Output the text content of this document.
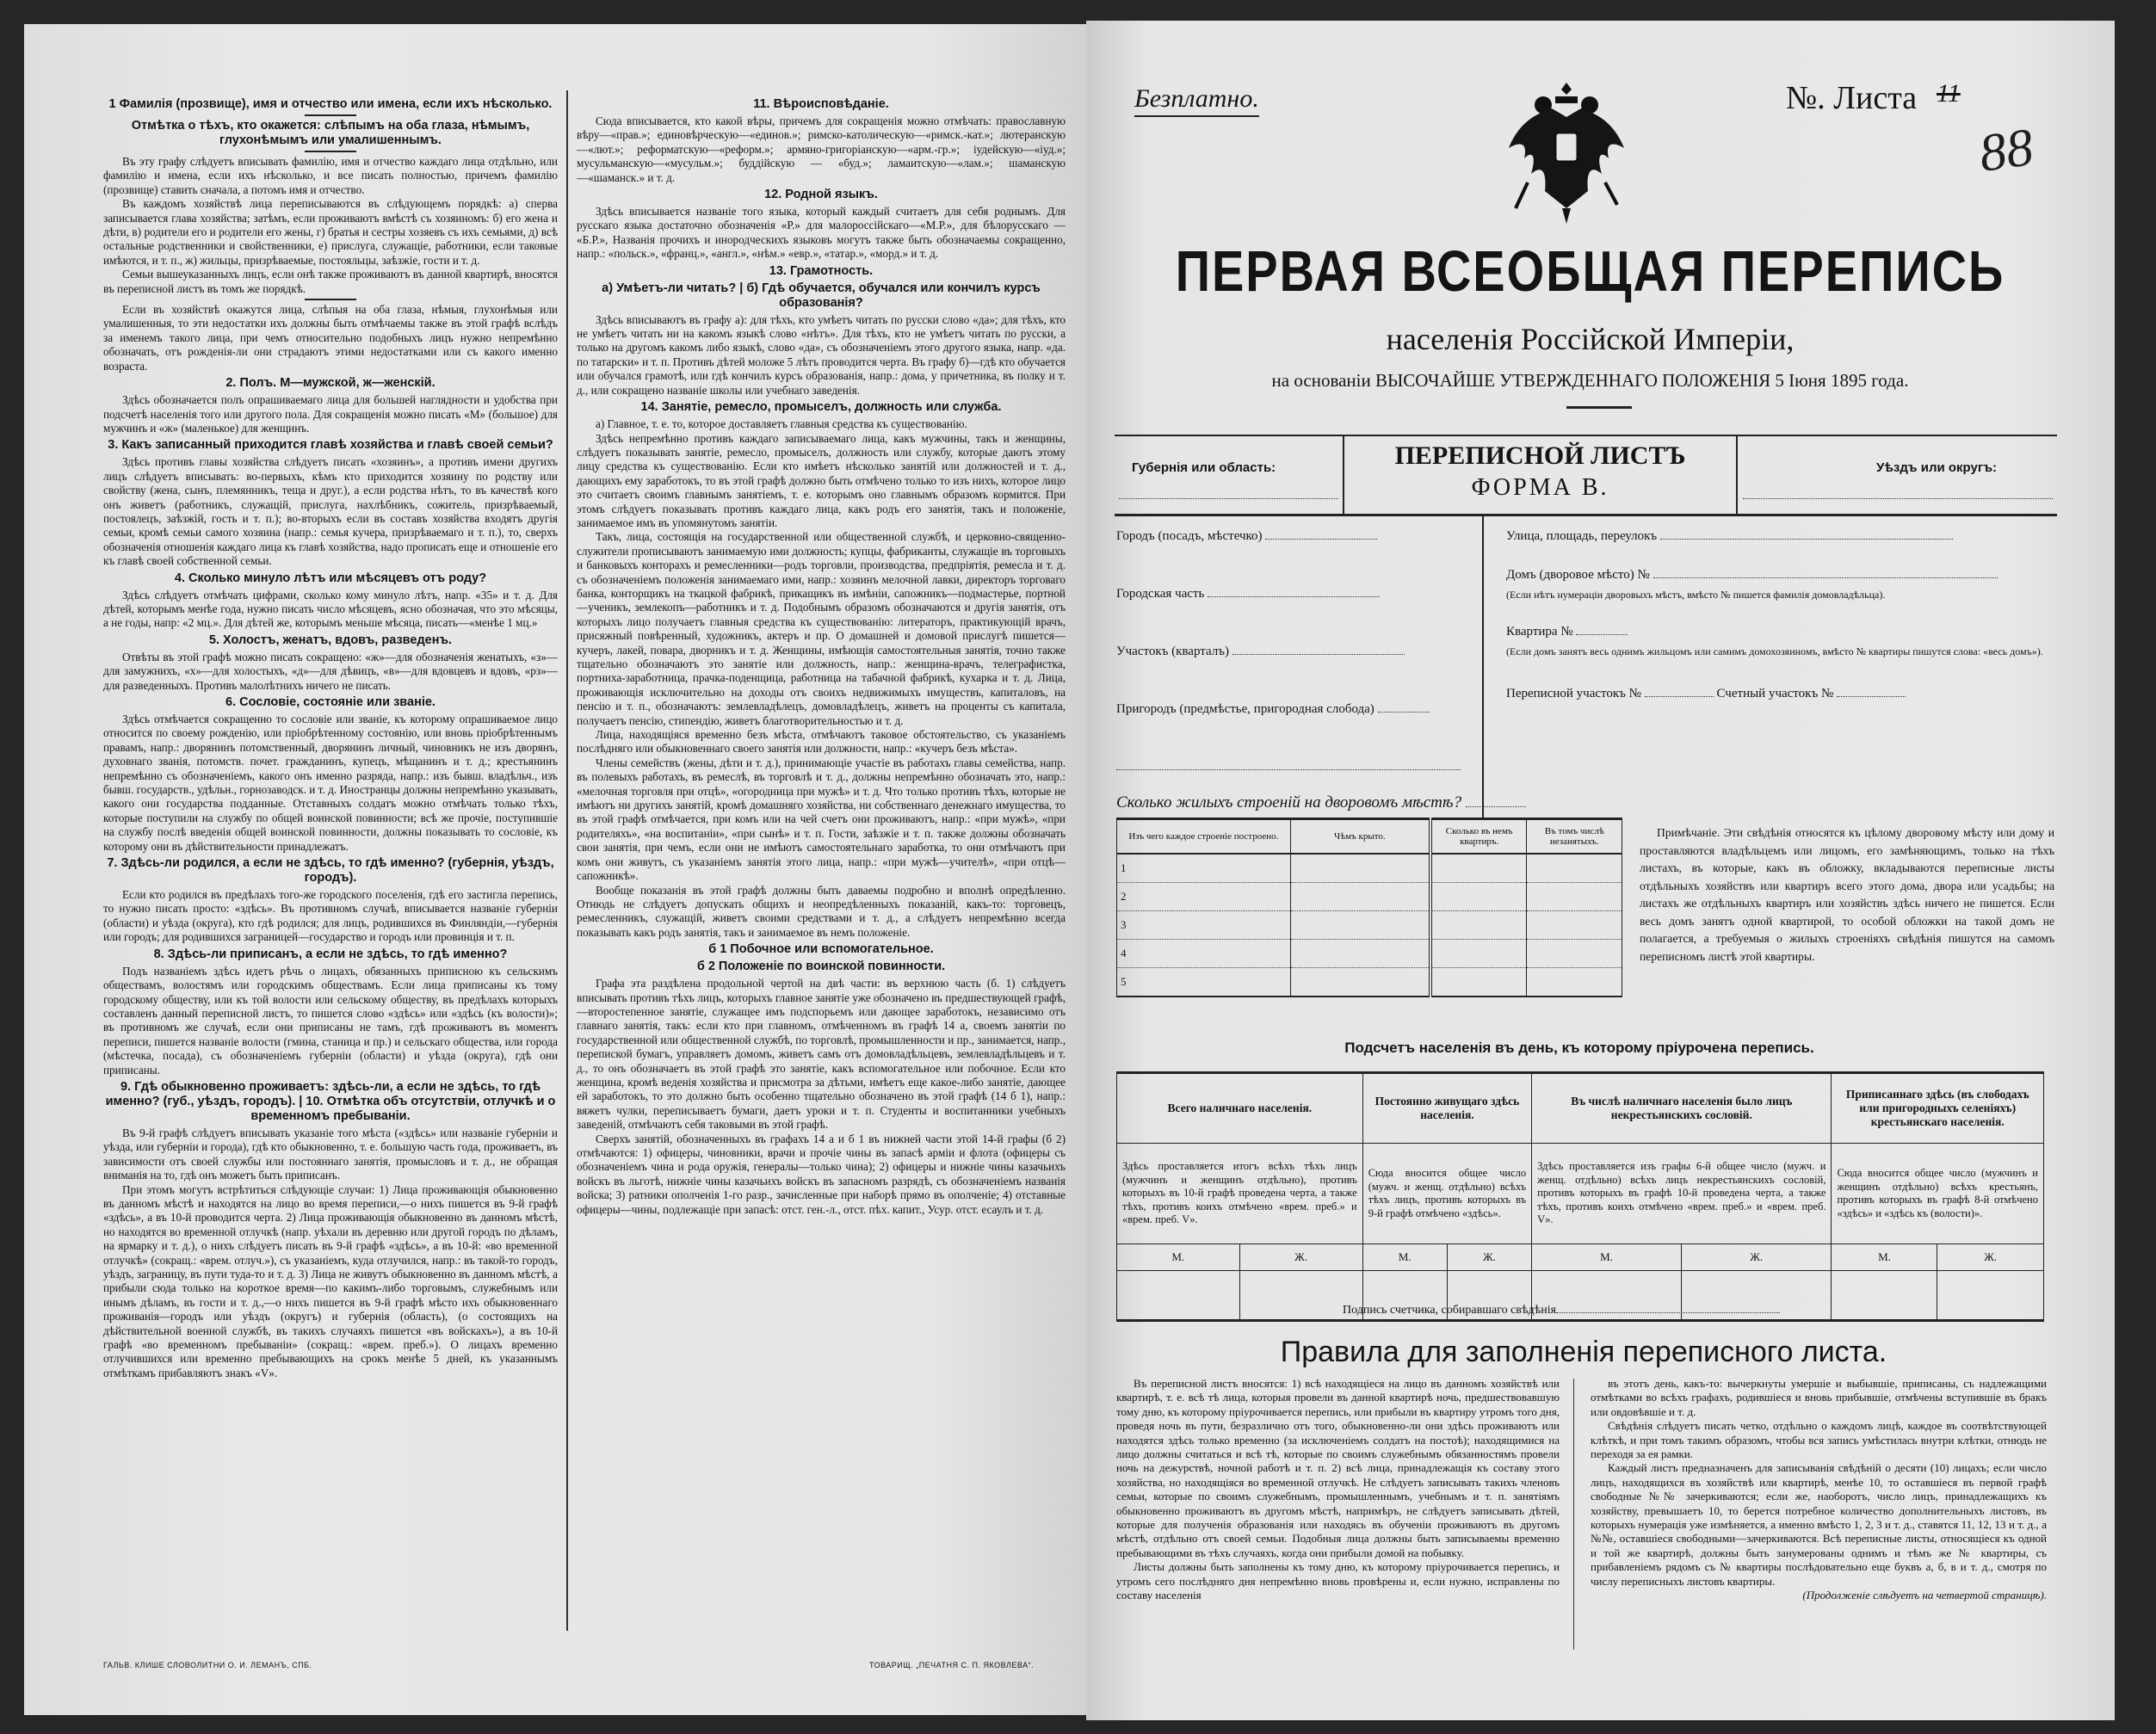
1 Фамилія (прозвище), имя и отчество или имена, если ихъ нѣсколько.
Отмѣтка о тѣхъ, кто окажется: слѣпымъ на оба глаза, нѣмымъ, глухонѣмымъ или умалишеннымъ.
Въ эту графу слѣдуетъ вписывать фамилію, имя и отчество каждаго лица отдѣльно, или фамилію и имена, если ихъ нѣсколько, и все писать полностью, причемъ фамилію (прозвище) ставить сначала, а потомъ имя и отчество.
Въ каждомъ хозяйствѣ лица переписываются въ слѣдующемъ порядкѣ: а) сперва записывается глава хозяйства; затѣмъ, если проживаютъ вмѣстѣ съ хозяиномъ: б) его жена и дѣти, в) родители его и родители его жены, г) братья и сестры хозяевъ съ ихъ семьями, д) всѣ остальные родственники и свойственники, е) прислуга, служащіе, работники, если таковые имѣются, и т. п., ж) жильцы, призрѣваемые, постояльцы, заѣзжіе, гости и т. д.
Семьи вышеуказанныхъ лицъ, если онѣ также проживаютъ въ данной квартирѣ, вносятся въ переписной листъ въ томъ же порядкѣ.
Если въ хозяйствѣ окажутся лица, слѣпыя на оба глаза, нѣмыя, глухонѣмыя или умалишенныя, то эти недостатки ихъ должны быть отмѣчаемы также въ этой графѣ вслѣдъ за именемъ такого лица, при чемъ относительно подобныхъ лицъ нужно непремѣнно обозначать, отъ рожденія-ли они страдаютъ этими недостатками или съ какого именно возраста.
2. Полъ. М—мужской, ж—женскій.
Здѣсь обозначается полъ опрашиваемаго лица для большей наглядности и удобства при подсчетѣ населенія того или другого пола. Для сокращенія можно писать «М» (большое) для мужчинъ и «ж» (маленькое) для женщинъ.
3. Какъ записанный приходится главѣ хозяйства и главѣ своей семьи?
Здѣсь противъ главы хозяйства слѣдуетъ писать «хозяинъ», а противъ имени другихъ лицъ слѣдуетъ вписывать: во-первыхъ, кѣмъ кто приходится хозяину по родству или свойству (жена, сынъ, племянникъ, теща и друг.), а если родства нѣтъ, то въ качествѣ кого онъ живетъ (работникъ, служащій, прислуга, нахлѣбникъ, сожитель, призрѣваемый, постоялецъ, заѣзжій, гость и т. п.); во-вторыхъ если въ составъ хозяйства входятъ другія семьи, кромѣ семьи самого хозяина (напр.: семья кучера, призрѣваемаго и т. п.), то, сверхъ обозначенія отношенія каждаго лица къ главѣ хозяйства, надо прописать еще и отношеніе его къ главѣ своей собственной семьи.
4. Сколько минуло лѣтъ или мѣсяцевъ отъ роду?
Здѣсь слѣдуетъ отмѣчать цифрами, сколько кому минуло лѣтъ, напр. «35» и т. д. Для дѣтей, которымъ менѣе года, нужно писать число мѣсяцевъ, ясно обозначая, что это мѣсяцы, а не годы, напр: «2 мц.». Для дѣтей же, которымъ меньше мѣсяца, писать—«менѣе 1 мц.»
5. Холостъ, женатъ, вдовъ, разведенъ.
Отвѣты въ этой графѣ можно писать сокращено: «ж»—для обозначенія женатыхъ, «з»—для замужнихъ, «х»—для холостыхъ, «д»—для дѣвицъ, «в»—для вдовцевъ и вдовъ, «рз»—для разведенныхъ. Противъ малолѣтнихъ ничего не писать.
6. Сословіе, состояніе или званіе.
Здѣсь отмѣчается сокращенно то сословіе или званіе, къ которому опрашиваемое лицо относится по своему рожденію, или пріобрѣтенному состоянію, или вновь пріобрѣтеннымъ правамъ, напр.: дворянинъ потомственный, дворянинъ личный, чиновникъ не изъ дворянъ, духовнаго званія, потомств. почет. гражданинъ, купецъ, мѣщанинъ и т. д.; крестьянинъ непремѣнно съ обозначеніемъ, какого онъ именно разряда, напр.: изъ бывш. владѣльч., изъ бывш. государств., удѣльн., горнозаводск. и т. д. Иностранцы должны непремѣнно указывать, какого они государства подданные. Отставныхъ солдатъ можно отмѣчать только тѣхъ, которые поступили на службу по общей воинской повинности; всѣ же прочіе, поступившіе на службу послѣ введенія общей воинской повинности, должны показывать то сословіе, къ которому они въ дѣйствительности принадлежатъ.
7. Здѣсь-ли родился, а если не здѣсь, то гдѣ именно? (губернія, уѣздъ, городъ).
Если кто родился въ предѣлахъ того-же городского поселенія, гдѣ его застигла перепись, то нужно писать просто: «здѣсь». Въ противномъ случаѣ, вписывается названіе губерніи (области) и уѣзда (округа), кто гдѣ родился; для лицъ, родившихся въ Финляндіи,—губернія или городъ; для родившихся заграницей—государство и городъ или провинція и т. п.
8. Здѣсь-ли приписанъ, а если не здѣсь, то гдѣ именно?
Подъ названіемъ здѣсь идетъ рѣчь о лицахъ, обязанныхъ приписною къ сельскимъ обществамъ, волостямъ или городскимъ обществамъ. Если лица приписаны къ тому городскому обществу, или къ той волости или сельскому обществу, въ предѣлахъ которыхъ составленъ данный переписной листъ, то пишется слово «здѣсь» или «здѣсь (къ волости)»; въ противномъ же случаѣ, если они приписаны не тамъ, гдѣ проживаютъ въ моментъ переписи, пишется названіе волости (гмина, станица и пр.) и сельскаго общества, или города (мѣстечка, посада), съ обозначеніемъ губерніи (области) и уѣзда (округа), гдѣ они приписаны.
9. Гдѣ обыкновенно проживаетъ: здѣсь-ли, а если не здѣсь, то гдѣ именно? (губ., уѣздъ, городъ). | 10. Отмѣтка объ отсутствіи, отлучкѣ и о временномъ пребываніи.
Въ 9-й графѣ слѣдуетъ вписывать указаніе того мѣста («здѣсь» или названіе губерніи и уѣзда, или губерніи и города), гдѣ кто обыкновенно, т. е. большую часть года, проживаетъ, въ зависимости отъ своей службы или постояннаго занятія, промысловъ и т. д., не обращая вниманія на то, гдѣ онъ можетъ быть приписанъ.
При этомъ могутъ встрѣтиться слѣдующіе случаи: 1) Лица проживающія обыкновенно въ данномъ мѣстѣ и находятся на лицо во время переписи,—о нихъ пишется въ 9-й графѣ «здѣсь», а въ 10-й проводится черта. 2) Лица проживающія обыкновенно въ данномъ мѣстѣ, но находятся во временной отлучкѣ (напр. уѣхали въ деревню или другой городъ по дѣламъ, на ярмарку и т. д.), о нихъ слѣдуетъ писать въ 9-й графѣ «здѣсь», а въ 10-й: «во временной отлучкѣ» (сокращ.: «врем. отлуч.»), съ указаніемъ, куда отлучился, напр.: въ такой-то городъ, уѣздъ, заграницу, въ пути туда-то и т. д. 3) Лица не живутъ обыкновенно въ данномъ мѣстѣ, а прибыли сюда только на короткое время—по какимъ-либо торговымъ, служебнымъ или инымъ дѣламъ, въ гости и т. д.,—о нихъ пишется въ 9-й графѣ мѣсто ихъ обыкновеннаго проживанія—городъ или уѣздъ (округъ) и губернія (область), (о состоящихъ на дѣйствительной военной службѣ, въ такихъ случаяхъ пишется «въ войскахъ»), а въ 10-й графѣ «во временномъ пребываніи» (сокращ.: «врем. преб.»). О лицахъ временно отлучившихся или временно пребывающихъ на срокъ менѣе 5 дней, къ указаннымъ отмѣткамъ прибавляютъ знакъ «V».
11. Вѣроисповѣданіе.
Сюда вписывается, кто какой вѣры, причемъ для сокращенія можно отмѣчать: православную вѣру—«прав.»; единовѣрческую—«единов.»; римско-католическую—«римск.-кат.»; лютеранскую—«лют.»; реформатскую—«реформ.»; армяно-григоріанскую—«арм.-гр.»; іудейскую—«іуд.»; мусульманскую—«мусульм.»; буддійскую — «буд.»; ламаитскую—«лам.»; шаманскую—«шаманск.» и т. д.
12. Родной языкъ.
Здѣсь вписывается названіе того языка, который каждый считаетъ для себя роднымъ. Для русскаго языка достаточно обозначенія «Р.» для малороссійскаго—«М.Р.», для бѣлорусскаго — «Б.Р.», Названія прочихъ и инородческихъ языковъ могутъ также быть обозначаемы сокращенно, напр.: «польск.», «франц.», «англ.», «нѣм.» «евр.», «татар.», «морд.» и т. д.
13. Грамотность.
а) Умѣетъ-ли читать? | б) Гдѣ обучается, обучался или кончилъ курсъ образованія?
Здѣсь вписываютъ въ графу а): для тѣхъ, кто умѣетъ читать по русски слово «да»; для тѣхъ, кто не умѣетъ читать ни на какомъ языкѣ слово «нѣтъ». Для тѣхъ, кто не умѣетъ читать по русски, а только на другомъ какомъ либо языкѣ, слово «да», съ обозначеніемъ этого другого языка, напр. «да. по татарски» и т. п. Противъ дѣтей моложе 5 лѣтъ проводится черта. Въ графу б)—гдѣ кто обучается или обучался грамотѣ, или гдѣ кончилъ курсъ образованія, напр.: дома, у причетника, въ полку и т. д., или сокращено названіе школы или учебнаго заведенія.
14. Занятіе, ремесло, промыселъ, должность или служба.
а) Главное, т. е. то, которое доставляетъ главныя средства къ существованію.
Здѣсь непремѣнно противъ каждаго записываемаго лица, какъ мужчины, такъ и женщины, слѣдуетъ показывать занятіе, ремесло, промыселъ, должность или службу, которые даютъ этому лицу средства къ существованію. Если кто имѣетъ нѣсколько занятій или должностей и т. д., дающихъ ему заработокъ, то въ этой графѣ должно быть отмѣчено только то изъ нихъ, которое лицо это считаетъ своимъ главнымъ занятіемъ, т. е. которымъ оно главнымъ образомъ кормится. При этомъ слѣдуетъ показывать противъ каждаго лица, какъ родъ его занятія, такъ и положеніе, занимаемое имъ въ упомянутомъ занятіи.
Такъ, лица, состоящія на государственной или общественной службѣ, и церковно-священно-служители прописываютъ занимаемую ими должность; купцы, фабриканты, служащіе въ торговыхъ и банковыхъ конторахъ и ремесленники—родъ торговли, производства, предпріятія, ремесла и т. д. съ обозначеніемъ положенія занимаемаго ими, напр.: хозяинъ мелочной лавки, директоръ торговаго банка, конторщикъ на ткацкой фабрикѣ, прикащикъ въ имѣніи, сапожникъ—подмастерье, портной—ученикъ, землекопъ—работникъ и т. д. Подобнымъ образомъ обозначаются и другія занятія, отъ которыхъ лицо получаетъ главныя средства къ существованію: литераторъ, практикующій врачъ, присяжный повѣренный, художникъ, актеръ и пр. О домашней и домовой прислугѣ пишется—кучеръ, лакей, повара, дворникъ и т. д. Женщины, имѣющія самостоятельныя занятія, точно также тщательно обозначаютъ это занятіе или должность, напр.: женщина-врачъ, телеграфистка, портниха-заработница, прачка-поденщица, работница на табачной фабрикѣ, кухарка и т. д. Лица, проживающія исключительно на доходы отъ своихъ недвижимыхъ имуществъ, капиталовъ, на пенсію и т. п., обозначаютъ: землевладѣлецъ, домовладѣлецъ, живетъ на проценты съ капитала, получаетъ пенсію, стипендію, живетъ благотворительностью и т. д.
Лица, находящіяся временно безъ мѣста, отмѣчаютъ таковое обстоятельство, съ указаніемъ послѣдняго или обыкновеннаго своего занятія или должности, напр.: «кучеръ безъ мѣста».
Члены семействъ (жены, дѣти и т. д.), принимающіе участіе въ работахъ главы семейства, напр. въ полевыхъ работахъ, въ ремеслѣ, въ торговлѣ и т. д., должны непремѣнно обозначать это, напр.: «мелочная торговля при отцѣ», «огородница при мужѣ» и т. д. Что только противъ тѣхъ, которые не имѣютъ ни другихъ занятій, кромѣ домашняго хозяйства, ни собственнаго денежнаго имущества, то въ этой графѣ отмѣчается, при комъ или на чей счетъ они проживаютъ, напр.: «при мужѣ», «при родителяхъ», «на воспитаніи», «при сынѣ» и т. п. Гости, заѣзжіе и т. п. также должны обозначать свои занятія, при чемъ, если они не имѣютъ самостоятельнаго заработка, то они отмѣчаютъ при комъ они живутъ, съ указаніемъ занятія этого лица, напр.: «при мужѣ—учителѣ», «при отцѣ—сапожникѣ».
Вообще показанія въ этой графѣ должны быть даваемы подробно и вполнѣ опредѣленно. Отнюдь не слѣдуетъ допускать общихъ и неопредѣленныхъ показаній, какъ-то: торговецъ, ремесленникъ, служащій, живетъ своими средствами и т. д., а слѣдуетъ непремѣнно всегда показывать какъ родъ занятія, такъ и занимаемое въ немъ положеніе.
б 1 Побочное или вспомогательное.
б 2 Положеніе по воинской повинности.
Графа эта раздѣлена продольной чертой на двѣ части: въ верхнюю часть (б. 1) слѣдуетъ вписывать противъ тѣхъ лицъ, которыхъ главное занятіе уже обозначено въ предшествующей графѣ,—второстепенное занятіе, служащее имъ подспорьемъ или дающее заработокъ, независимо отъ главнаго занятія, такъ: если кто при главномъ, отмѣченномъ въ графѣ 14 а, своемъ занятіи по государственной или общественной службѣ, по торговлѣ, промышленности и пр., занимается, напр., перепиской бумагъ, управляетъ домомъ, живетъ самъ отъ домовладѣльцевъ, землевладѣльцевъ и т. д., то онъ обозначаетъ въ этой графѣ это занятіе, какъ вспомогательное или побочное. Если кто женщина, кромѣ веденія хозяйства и присмотра за дѣтьми, имѣетъ еще какое-либо занятіе, дающее ей заработокъ, то это должно быть особенно тщательно обозначено въ этой графѣ (14 б 1), напр.: вяжетъ чулки, переписываетъ бумаги, даетъ уроки и т. п. Студенты и воспитанники учебныхъ заведеній, отмѣчаютъ себя таковыми въ этой графѣ.
Сверхъ занятій, обозначенныхъ въ графахъ 14 а и б 1 въ нижней части этой 14-й графы (б 2) отмѣчаются: 1) офицеры, чиновники, врачи и прочіе чины въ запасѣ армiи и флота (офицеры съ обозначеніемъ чина и рода оружія, генералы—только чина); 2) офицеры и нижніе чины казачьихъ войскъ въ льготѣ, нижніе чины казачьихъ войскъ въ запасномъ разрядѣ, съ обозначеніемъ названія войска; 3) ратники ополченія 1-го разр., зачисленные при наборѣ прямо въ ополченіе; 4) отставные офицеры—чины, подлежащіе при запасѣ: отст. ген.-л., отст. пѣх. капит., Усур. отст. есаулъ и т. д.
ГАЛЬВ. КЛИШЕ СЛОВОЛИТНИ О. И. ЛЕМАНЪ, СПБ.	ТОВАРИЩ. „ПЕЧАТНЯ С. П. ЯКОВЛЕВА“.
Безплатно.	№. Листа 11
88
ПЕРВАЯ ВСЕОБЩАЯ ПЕРЕПИСЬ
населенія Россійской Имперіи,
на основаніи ВЫСОЧАЙШЕ УТВЕРЖДЕННАГО ПОЛОЖЕНІЯ 5 Іюня 1895 года.
Губернія или область:	ПЕРЕПИСНОЙ ЛИСТЪ
ФОРМА В.
Уѣздъ или округъ:
Городъ (посадъ, мѣстечко)
Городская часть
Участокъ (кварталъ)
Пригородъ (предмѣстье, пригородная слобода)
Улица, площадь, переулокъ
Домъ (дворовое мѣсто) №
(Если нѣтъ нумераціи дворовыхъ мѣстъ, вмѣсто № пишется фамилія домовладѣльца).
Квартира №
(Если домъ занятъ весь однимъ жильцомъ или самимъ домохозяиномъ, вмѣсто № квартиры пишутся слова: «весь домъ»).
Переписной участокъ №	Счетный участокъ №
Сколько жилыхъ строеній на дворовомъ мѣстѣ?
Изъ чего каждое строеніе построено.	Чѣмъ крыто.	Сколько въ немъ квартиръ.	Въ томъ числѣ незанятыхъ.
1			
2			
3			
4			
5			
Примѣчаніе. Эти свѣдѣнія относятся къ цѣлому дворовому мѣсту или дому и проставляются владѣльцемъ или лицомъ, его замѣняющимъ, только на тѣхъ листахъ, въ которые, какъ въ обложку, вкладываются переписные листы отдѣльныхъ хозяйствъ или квартиръ всего этого дома, двора или усадьбы; на листахъ же отдѣльныхъ квартиръ или хозяйствъ здѣсь ничего не пишется. Если весь домъ занятъ одной квартирой, то особой обложки на такой домъ не полагается, а требуемыя о жилыхъ строеніяхъ свѣдѣнія пишутся на самомъ переписномъ листѣ этой квартиры.
Подсчетъ населенія въ день, къ которому пріурочена перепись.
Всего наличнаго населенія.		Постоянно живущаго здѣсь населенія.		Въ числѣ наличнаго населенія было лицъ некрестьянскихъ сословій.		Приписаннаго здѣсь (въ слободахъ или пригородныхъ селеніяхъ) крестьянскаго населенія.	
Здѣсь проставляется итогъ всѣхъ тѣхъ лицъ (мужчинъ и женщинъ отдѣльно), противъ которыхъ въ 10-й графѣ проведена черта, а также тѣхъ, противъ коихъ отмѣчено «врем. преб.» и «врем. преб. V».		Сюда вносится общее число (мужч. и женщ. отдѣльно) всѣхъ тѣхъ лицъ, противъ которыхъ въ 9-й графѣ отмѣчено «здѣсь».		Здѣсь проставляется изъ графы 6-й общее число (мужч. и женщ. отдѣльно) всѣхъ лицъ некрестьянскихъ сословій, противъ которыхъ въ графѣ 10-й проведена черта, а также тѣхъ, противъ коихъ отмѣчено «врем. преб.» и «врем. преб. V».		Сюда вносится общее число (мужчинъ и женщинъ отдѣльно) всѣхъ крестьянъ, противъ которыхъ въ графѣ 8-й отмѣчено «здѣсь» и «здѣсь къ (волости)».	
М.	Ж.	М.	Ж.	М.	Ж.	М.	Ж.

Подпись счетчика, собиравшаго свѣдѣнія
Правила для заполненія переписного листа.

Въ переписной листъ вносятся: 1) всѣ находящіеся на лицо въ данномъ хозяйствѣ или квартирѣ, т. е. всѣ тѣ лица, которыя провели въ данной квартирѣ ночь, предшествовавшую тому дню, къ которому пріурочивается перепись, или прибыли въ квартиру утромъ того дня, проведя ночь въ пути, безразлично отъ того, обыкновенно-ли они здѣсь проживаютъ или находятся здѣсь только временно (за исключеніемъ солдатъ на постоѣ); находящимися на лицо должны считаться и всѣ тѣ, которые по своимъ служебнымъ обязанностямъ провели ночь на дежурствѣ, ночной работѣ и т. п. 2) всѣ лица, принадлежащія къ составу этого хозяйства, но находящіяся во временной отлучкѣ. Не слѣдуетъ записывать такихъ членовъ семьи, которые по своимъ служебнымъ, промышленнымъ, учебнымъ и т. п. занятіямъ обыкновенно проживаютъ въ другомъ мѣстѣ, напримѣръ, не слѣдуетъ записывать дѣтей, которые для полученія образованія или находясь въ обученіи проживаютъ въ другомъ мѣстѣ, отдѣльно отъ своей семьи. Подобныя лица должны быть записываемы временно пребывающими въ тѣхъ случаяхъ, когда они прибыли домой на побывку.

Листы должны быть заполнены къ тому дню, къ которому пріурочивается перепись, и утромъ сего послѣдняго дня непремѣнно вновь провѣрены и, если нужно, исправлены по составу населенія

въ этотъ день, какъ-то: вычеркнуты умершіе и выбывшіе, приписаны, съ надлежащими отмѣтками во всѣхъ графахъ, родившіеся и вновь прибывшіе, отмѣчены вступившіе въ бракъ или овдовѣвшіе и т. д.

Свѣдѣнія слѣдуетъ писать четко, отдѣльно о каждомъ лицѣ, каждое въ соотвѣтствующей клѣткѣ, и при томъ такимъ образомъ, чтобы вся запись умѣстилась внутри клѣтки, отнюдь не переходя за ея рамки.

Каждый листъ предназначенъ для записыванія свѣдѣній о десяти (10) лицахъ; если число лицъ, находящихся въ хозяйствѣ или квартирѣ, менѣе 10, то оставшіеся въ первой графѣ свободные №№ зачеркиваются; если же, наоборотъ, число лицъ, принадлежащихъ къ хозяйству, превышаетъ 10, то берется потребное количество дополнительныхъ листовъ, въ которыхъ нумерація уже измѣняется, а именно вмѣсто 1, 2, 3 и т. д., ставятся 11, 12, 13 и т. д., а №№, оставшіеся свободными—зачеркиваются. Всѣ переписные листы, относящіеся къ одной и той же квартирѣ, должны быть занумерованы однимъ и тѣмъ же № квартиры, съ прибавленіемъ рядомъ съ № квартиры послѣдовательно еще буквъ а, б, в и т. д., смотря по числу переписныхъ листовъ квартиры.

(Продолженіе слѣдуетъ на четвертой страницѣ).
